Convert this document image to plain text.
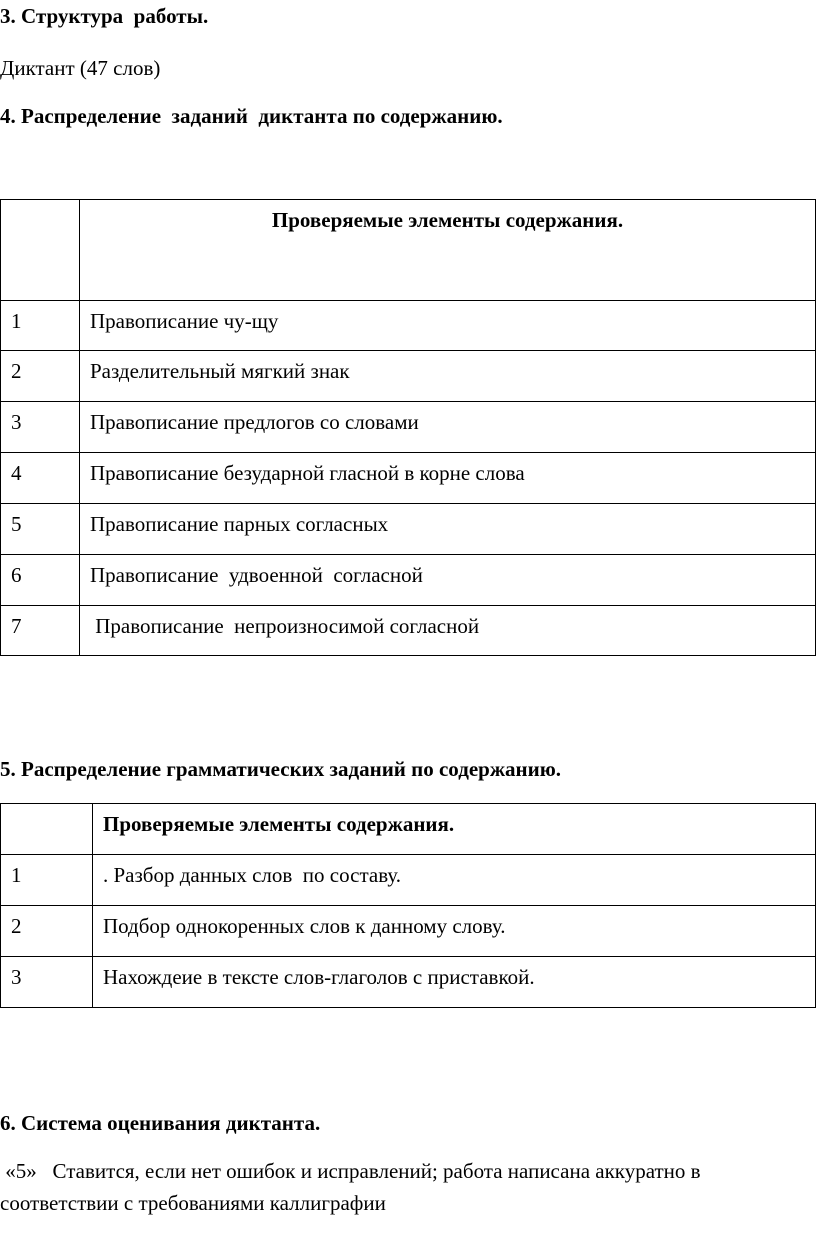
3. Структура  работы.
Диктант (47 слов)
4. Распределение  заданий  диктанта по содержанию.
	Проверяемые элементы содержания.
1	Правописание чу-щу
2	Разделительный мягкий знак
3	Правописание предлогов со словами
4	Правописание безударной гласной в корне слова
5	Правописание парных согласных
6	Правописание  удвоенной  согласной
7	Правописание  непроизносимой согласной
5. Распределение грамматических заданий по содержанию.
	Проверяемые элементы содержания.
1	. Разбор данных слов  по составу.
2	Подбор однокоренных слов к данному слову.
3	Нахождеие в тексте слов-глаголов с приставкой.
6. Система оценивания диктанта.
«5»   Ставится, если нет ошибок и исправлений; работа написана аккуратно в
соответствии с требованиями каллиграфии
